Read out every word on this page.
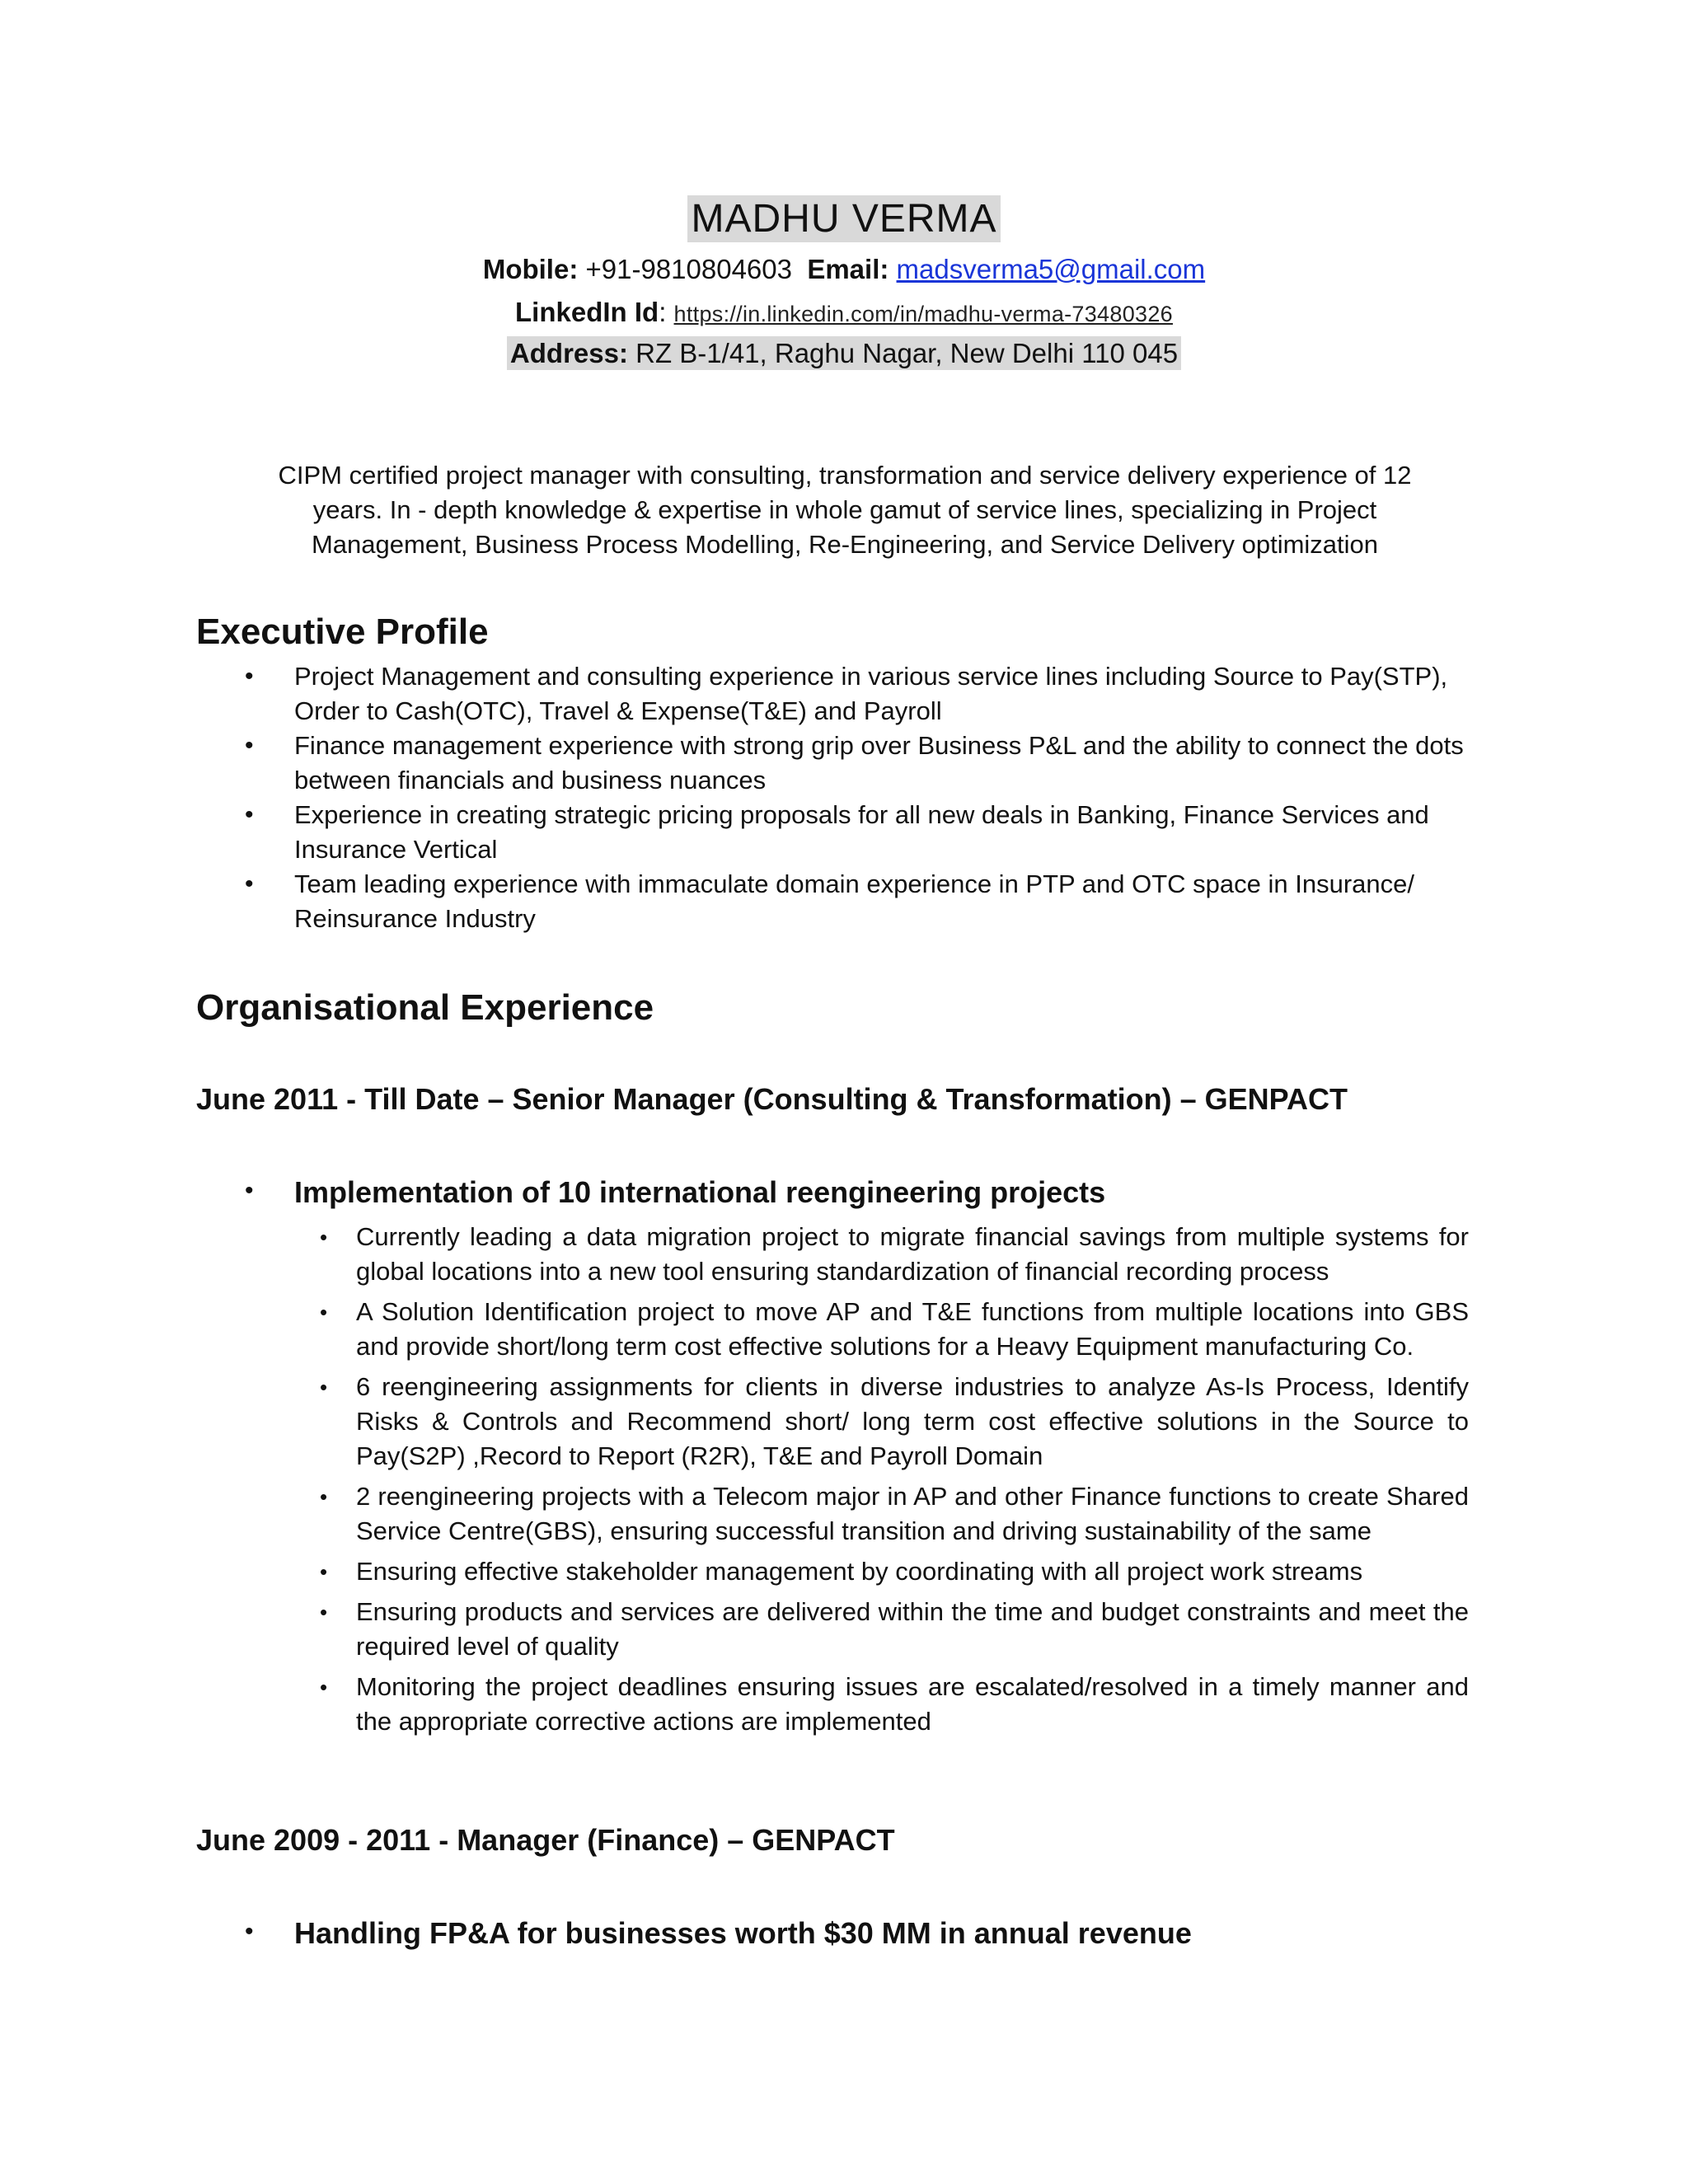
MADHU VERMA
Mobile: +91-9810804603 Email: madsverma5@gmail.com
LinkedIn Id: https://in.linkedin.com/in/madhu-verma-73480326
Address: RZ B-1/41, Raghu Nagar, New Delhi 110 045
CIPM certified project manager with consulting, transformation and service delivery experience of 12 years. In - depth knowledge & expertise in whole gamut of service lines, specializing in Project Management, Business Process Modelling, Re-Engineering, and Service Delivery optimization
Executive Profile
• Project Management and consulting experience in various service lines including Source to Pay(STP), Order to Cash(OTC), Travel & Expense(T&E) and Payroll
• Finance management experience with strong grip over Business P&L and the ability to connect the dots between financials and business nuances
• Experience in creating strategic pricing proposals for all new deals in Banking, Finance Services and Insurance Vertical
• Team leading experience with immaculate domain experience in PTP and OTC space in Insurance/ Reinsurance Industry
Organisational Experience
June 2011 - Till Date – Senior Manager (Consulting & Transformation) – GENPACT
• Implementation of 10 international reengineering projects
• Currently leading a data migration project to migrate financial savings from multiple systems for global locations into a new tool ensuring standardization of financial recording process
• A Solution Identification project to move AP and T&E functions from multiple locations into GBS and provide short/long term cost effective solutions for a Heavy Equipment manufacturing Co.
• 6 reengineering assignments for clients in diverse industries to analyze As-Is Process, Identify Risks & Controls and Recommend short/ long term cost effective solutions in the Source to Pay(S2P) ,Record to Report (R2R), T&E and Payroll Domain
• 2 reengineering projects with a Telecom major in AP and other Finance functions to create Shared Service Centre(GBS), ensuring successful transition and driving sustainability of the same
• Ensuring effective stakeholder management by coordinating with all project work streams
• Ensuring products and services are delivered within the time and budget constraints and meet the required level of quality
• Monitoring the project deadlines ensuring issues are escalated/resolved in a timely manner and the appropriate corrective actions are implemented
June 2009 - 2011 - Manager (Finance) – GENPACT
• Handling FP&A for businesses worth $30 MM in annual revenue
